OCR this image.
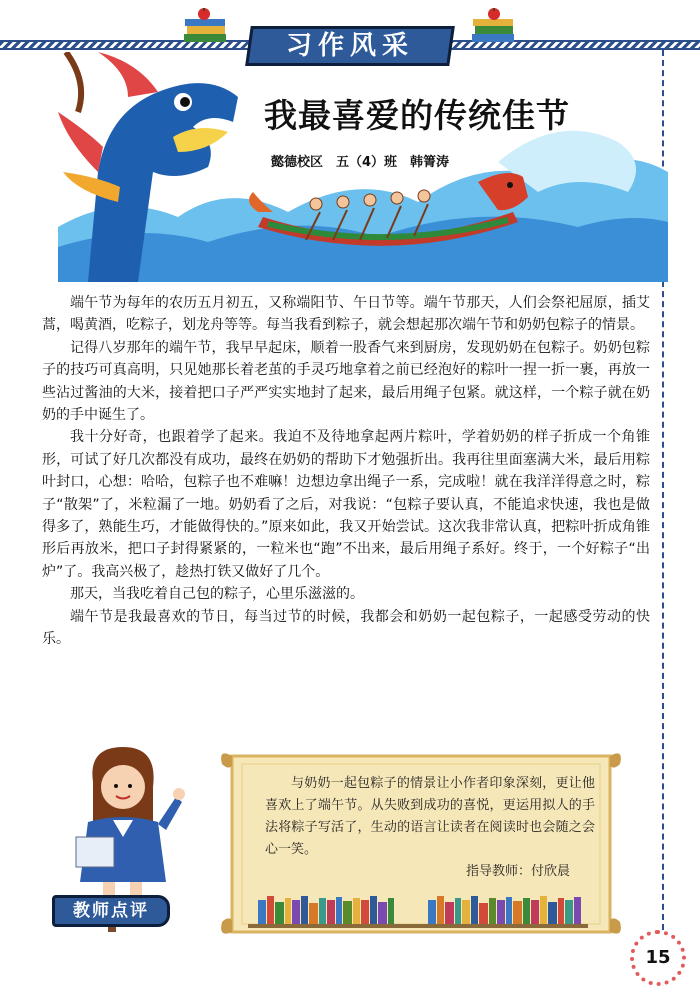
习作风采
我最喜爱的传统佳节
懿德校区　五（4）班　韩箐涛

端午节为每年的农历五月初五，又称端阳节、午日节等。端午节那天，人们会祭祀屈原，插艾蒿，喝黄酒，吃粽子，划龙舟等等。每当我看到粽子，就会想起那次端午节和奶奶包粽子的情景。

记得八岁那年的端午节，我早早起床，顺着一股香气来到厨房，发现奶奶在包粽子。奶奶包粽子的技巧可真高明，只见她那长着老茧的手灵巧地拿着之前已经泡好的粽叶一捏一折一裹，再放一些沾过酱油的大米，接着把口子严严实实地封了起来，最后用绳子包紧。就这样，一个粽子就在奶奶的手中诞生了。

我十分好奇，也跟着学了起来。我迫不及待地拿起两片粽叶，学着奶奶的样子折成一个角锥形，可试了好几次都没有成功，最终在奶奶的帮助下才勉强折出。我再往里面塞满大米，最后用粽叶封口，心想：哈哈，包粽子也不难嘛！边想边拿出绳子一系，完成啦！就在我洋洋得意之时，粽子“散架”了，米粒漏了一地。奶奶看了之后，对我说：“包粽子要认真，不能追求快速，我也是做得多了，熟能生巧，才能做得快的。”原来如此，我又开始尝试。这次我非常认真，把粽叶折成角锥形后再放米，把口子封得紧紧的，一粒米也“跑”不出来，最后用绳子系好。终于，一个好粽子“出炉”了。我高兴极了，趁热打铁又做好了几个。

那天，当我吃着自己包的粽子，心里乐滋滋的。

端午节是我最喜欢的节日，每当过节的时候，我都会和奶奶一起包粽子，一起感受劳动的快乐。

教师点评

与奶奶一起包粽子的情景让小作者印象深刻，更让他喜欢上了端午节。从失败到成功的喜悦，更运用拟人的手法将粽子写活了，生动的语言让读者在阅读时也会随之会心一笑。

指导教师：付欣晨
15
